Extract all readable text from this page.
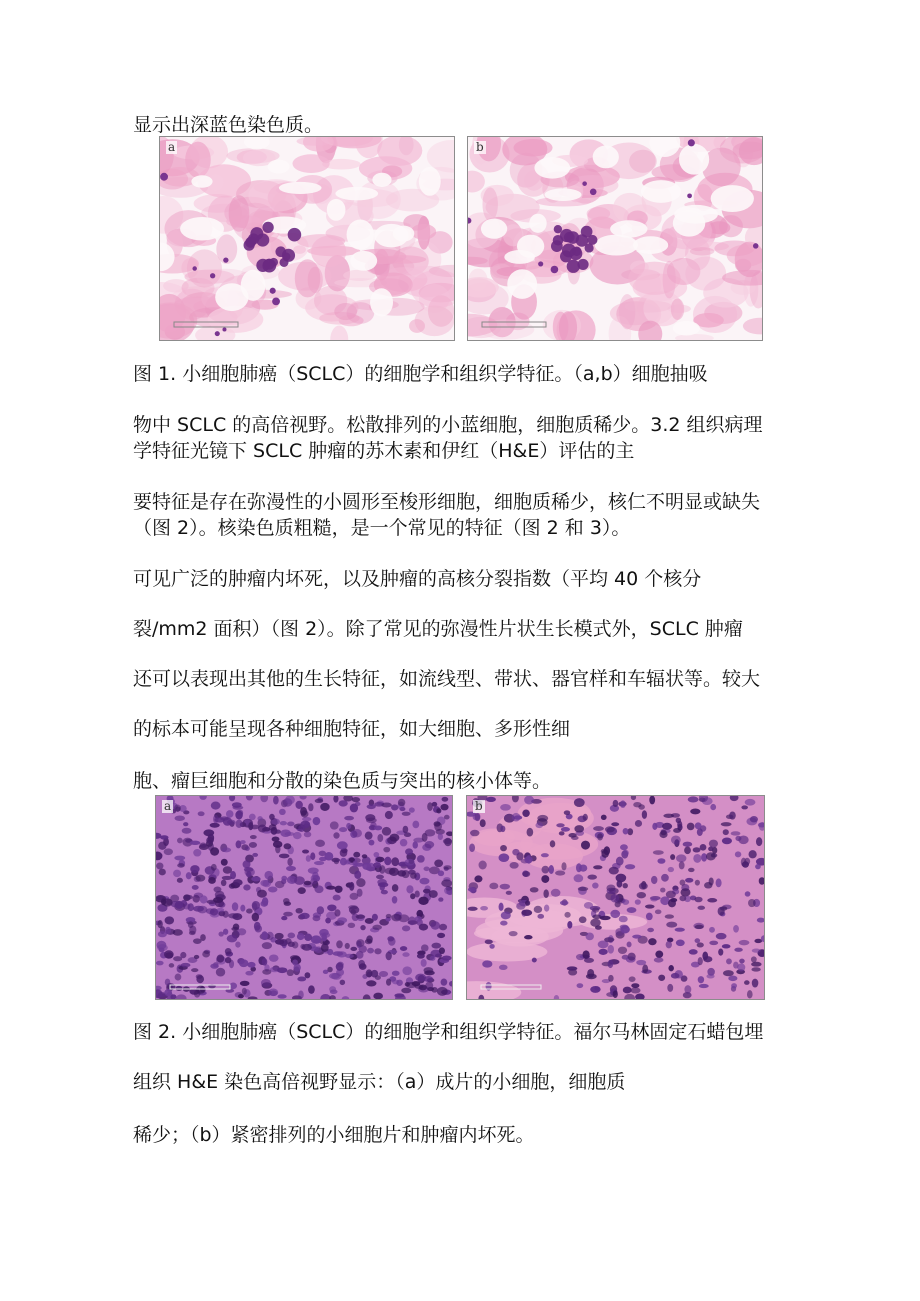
显示出深蓝色染色质。
a	b
图 1. 小细胞肺癌（SCLC）的细胞学和组织学特征。（a,b）细胞抽吸
物中 SCLC 的高倍视野。松散排列的小蓝细胞，细胞质稀少。3.2 组织病理
学特征光镜下 SCLC 肿瘤的苏木素和伊红（H&E）评估的主
要特征是存在弥漫性的小圆形至梭形细胞，细胞质稀少，核仁不明显或缺失
（图 2）。核染色质粗糙，是一个常见的特征（图 2 和 3）。
可见广泛的肿瘤内坏死，以及肿瘤的高核分裂指数（平均 40 个核分
裂/mm2 面积）（图 2）。除了常见的弥漫性片状生长模式外，SCLC 肿瘤
还可以表现出其他的生长特征，如流线型、带状、器官样和车辐状等。较大
的标本可能呈现各种细胞特征，如大细胞、多形性细
胞、瘤巨细胞和分散的染色质与突出的核小体等。
a	b
图 2. 小细胞肺癌（SCLC）的细胞学和组织学特征。福尔马林固定石蜡包埋
组织 H&E 染色高倍视野显示：（a）成片的小细胞，细胞质
稀少；（b）紧密排列的小细胞片和肿瘤内坏死。
